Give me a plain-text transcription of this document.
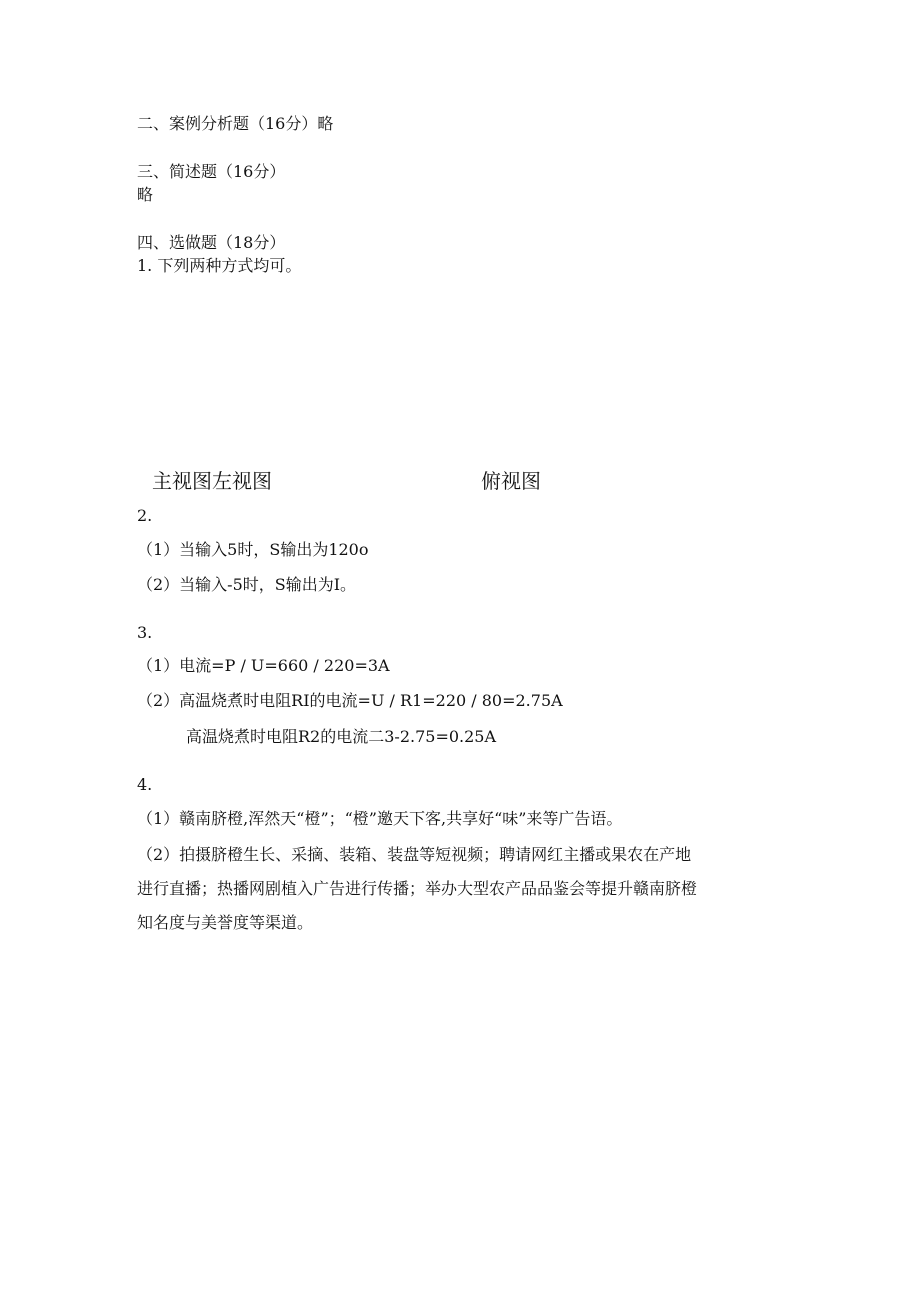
二、案例分析题（16分）略
三、简述题（16分）
略
四、选做题（18分）
1. 下列两种方式均可。
主视图左视图	俯视图
2.
（1）当输入5时，S输出为120o
（2）当输入-5时，S输出为I。
3.
（1）电流=P / U=660 / 220=3A
（2）高温烧煮时电阻RI的电流=U / R1=220 / 80=2.75A
高温烧煮时电阻R2的电流二3-2.75=0.25A
4.
（1）赣南脐橙,浑然天“橙”；“橙”邀天下客,共享好“味”来等广告语。
（2）拍摄脐橙生长、采摘、装箱、装盘等短视频；聘请网红主播或果农在产地
进行直播；热播网剧植入广告进行传播；举办大型农产品品鉴会等提升赣南脐橙
知名度与美誉度等渠道。
